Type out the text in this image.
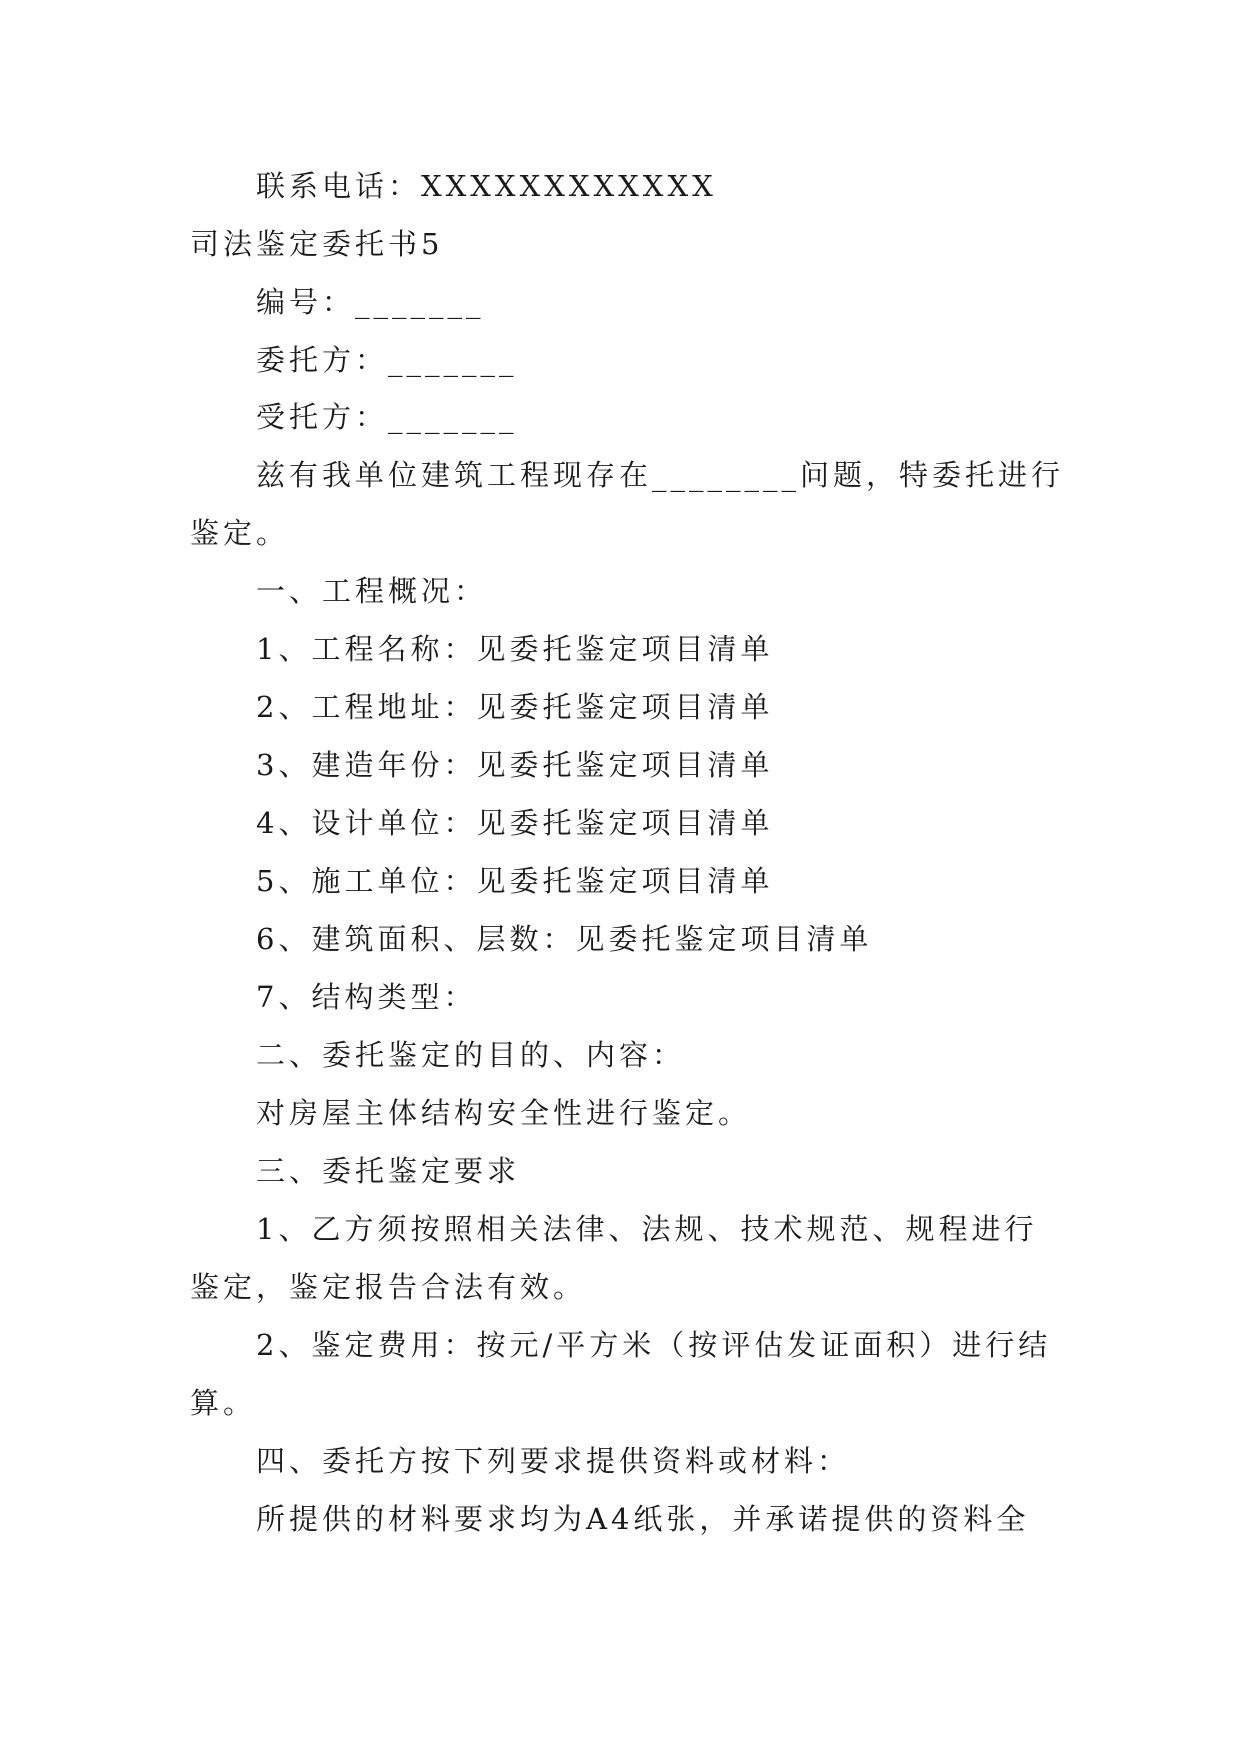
联系电话：XXXXXXXXXXXX
司法鉴定委托书5
编号：_______
委托方：_______
受托方：_______
兹有我单位建筑工程现存在________问题，特委托进行
鉴定。
一、工程概况：
1、工程名称：见委托鉴定项目清单
2、工程地址：见委托鉴定项目清单
3、建造年份：见委托鉴定项目清单
4、设计单位：见委托鉴定项目清单
5、施工单位：见委托鉴定项目清单
6、建筑面积、层数：见委托鉴定项目清单
7、结构类型：
二、委托鉴定的目的、内容：
对房屋主体结构安全性进行鉴定。
三、委托鉴定要求
1、乙方须按照相关法律、法规、技术规范、规程进行
鉴定，鉴定报告合法有效。
2、鉴定费用：按元/平方米（按评估发证面积）进行结
算。
四、委托方按下列要求提供资料或材料：
所提供的材料要求均为A4纸张，并承诺提供的资料全
